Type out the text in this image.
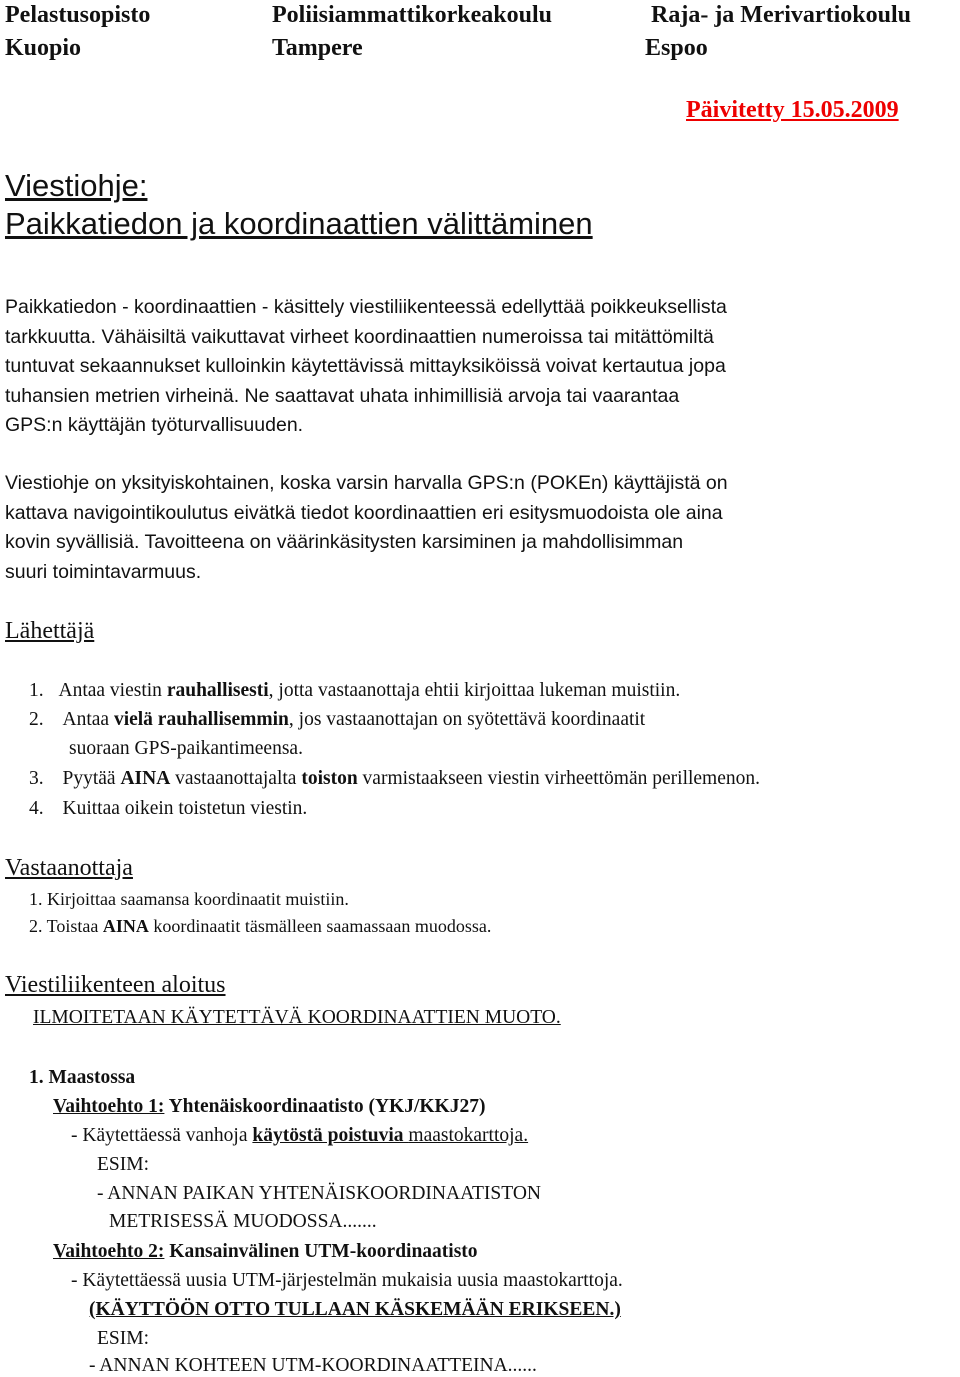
Pelastusopisto
Kuopio
Poliisiammattikorkeakoulu
Tampere
Raja- ja Merivartiokoulu
Espoo
Päivitetty 15.05.2009
Viestiohje:
Paikkatiedon ja koordinaattien välittäminen
Paikkatiedon - koordinaattien - käsittely viestiliikenteessä edellyttää poikkeuksellista
tarkkuutta. Vähäisiltä vaikuttavat virheet koordinaattien numeroissa tai mitättömiltä
tuntuvat sekaannukset kulloinkin käytettävissä mittayksiköissä voivat kertautua jopa
tuhansien metrien virheinä. Ne saattavat uhata inhimillisiä arvoja tai vaarantaa
GPS:n käyttäjän työturvallisuuden.
Viestiohje on yksityiskohtainen, koska varsin harvalla GPS:n (POKEn) käyttäjistä on
kattava navigointikoulutus eivätkä tiedot koordinaattien eri esitysmuodoista ole aina
kovin syvällisiä. Tavoitteena on väärinkäsitysten karsiminen ja mahdollisimman
suuri toimintavarmuus.
Lähettäjä
1. Antaa viestin rauhallisesti, jotta vastaanottaja ehtii kirjoittaa lukeman muistiin.
2. Antaa vielä rauhallisemmin, jos vastaanottajan on syötettävä koordinaatit
suoraan GPS-paikantimeensa.
3. Pyytää AINA vastaanottajalta toiston varmistaakseen viestin virheettömän perillemenon.
4. Kuittaa oikein toistetun viestin.
Vastaanottaja
1. Kirjoittaa saamansa koordinaatit muistiin.
2. Toistaa AINA koordinaatit täsmälleen saamassaan muodossa.
Viestiliikenteen aloitus
ILMOITETAAN KÄYTETTÄVÄ KOORDINAATTIEN MUOTO.
1. Maastossa
Vaihtoehto 1: Yhtenäiskoordinaatisto (YKJ/KKJ27)
- Käytettäessä vanhoja käytöstä poistuvia maastokarttoja.
ESIM:
- ANNAN PAIKAN YHTENÄISKOORDINAATISTON
METRISESSÄ MUODOSSA.......
Vaihtoehto 2: Kansainvälinen UTM-koordinaatisto
- Käytettäessä uusia UTM-järjestelmän mukaisia uusia maastokarttoja.
(KÄYTTÖÖN OTTO TULLAAN KÄSKEMÄÄN ERIKSEEN.)
ESIM:
- ANNAN KOHTEEN UTM-KOORDINAATTEINA......
